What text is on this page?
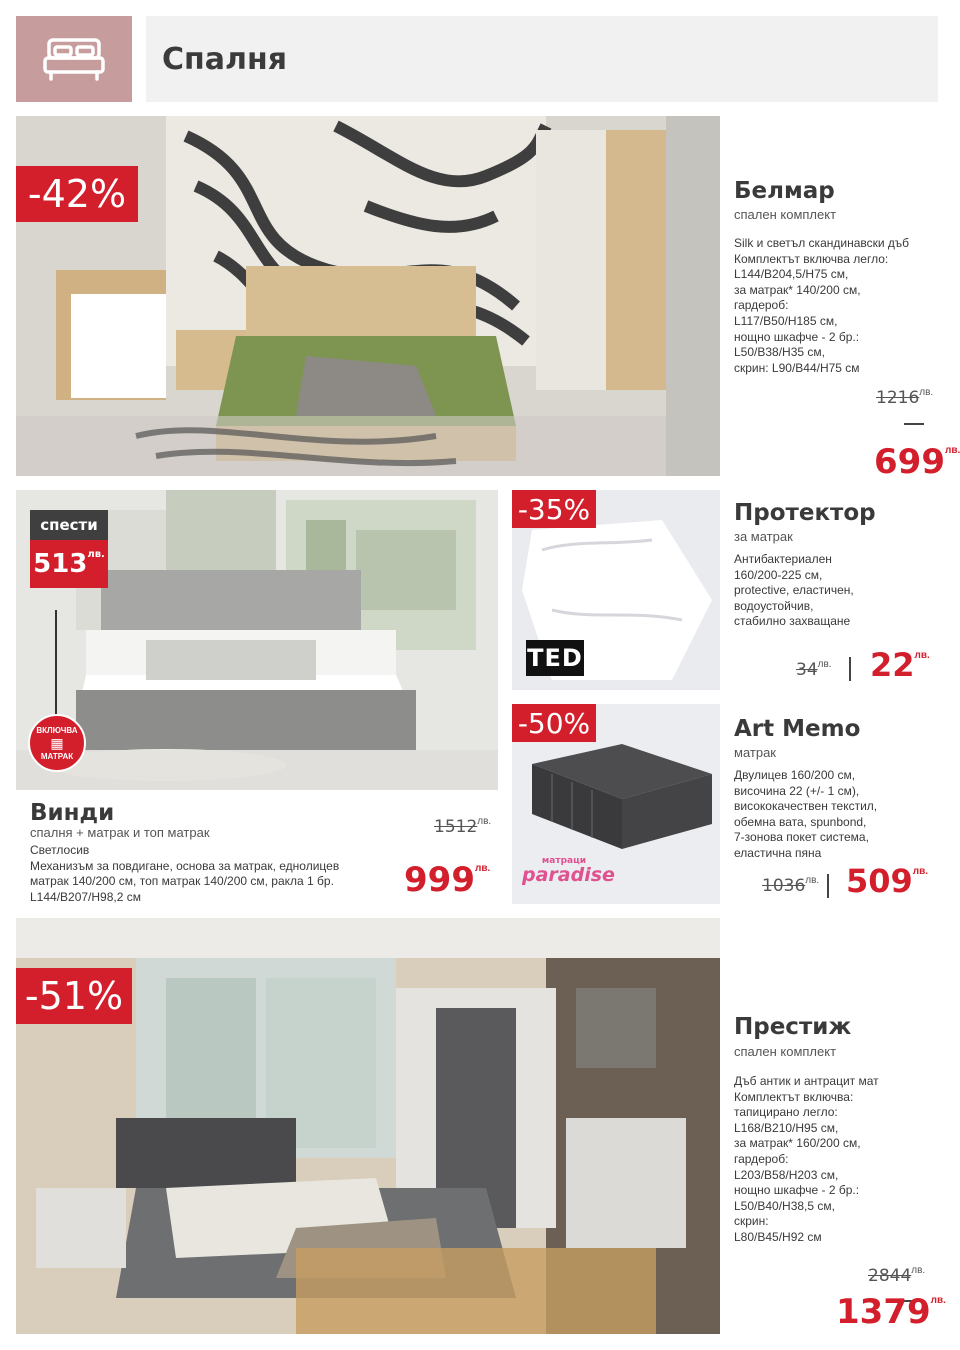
Спалня
-42%	Белмар
спален комплект
Silk и светъл скандинавски дъб
Комплектът включва легло:
L144/B204,5/H75 см,
за матрак* 140/200 см,
гардероб:
L117/B50/H185 см,
нощно шкафче - 2 бр.:
L50/B38/H35 см,
скрин: L90/B44/H75 см
$1216^{лв.}$
$699^{лв.}$
спести
513 лв.
ВКЛЮЧВА
▦
МАТРАК
Винди
спалня + матрак и топ матрак
Светлосив
Механизъм за повдигане, основа за матрак, еднолицев
матрак 140/200 см, топ матрак 140/200 см, ракла 1 бр.
L144/B207/H98,2 см
$1512^{лв.}$
$999^{лв.}$
-35%
TED
Протектор
за матрак
Антибактериален
160/200-225 см,
protective, еластичен,
водоустойчив,
стабилно захващане
$34^{лв.}$ $22^{лв.}$
-50%
матраци
paradise
Art Memo
матрак
Двулицев 160/200 см,
височина 22 (+/- 1 см),
висококачествен текстил,
обемна вата, spunbond,
7-зонова покет система,
еластична пяна
$1036^{лв.}$ $509^{лв.}$
-51%
Престиж
спален комплект
Дъб антик и антрацит мат
Комплектът включва:
тапицирано легло:
L168/B210/H95 см,
за матрак* 160/200 см,
гардероб:
L203/B58/H203 см,
нощно шкафче - 2 бр.:
L50/B40/H38,5 см,
скрин:
L80/B45/H92 см
$2844^{лв.}$
$1379^{лв.}$
